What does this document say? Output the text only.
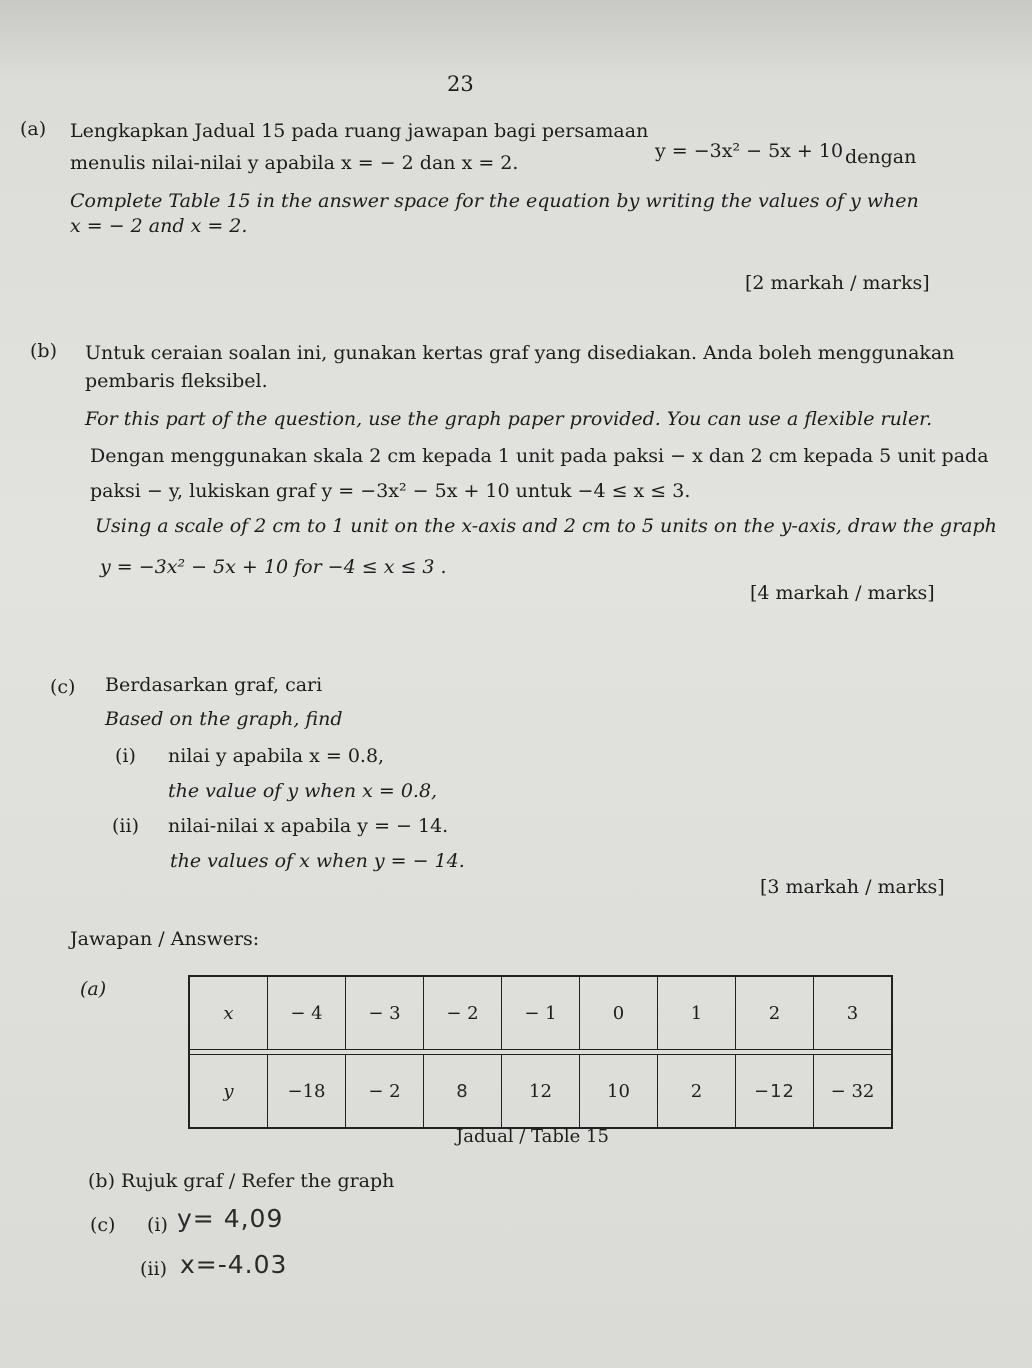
23
(a) Lengkapkan Jadual 15 pada ruang jawapan bagi persamaan
y = −3x² − 5x + 10 dengan
menulis nilai-nilai y apabila x = − 2 dan x = 2.
Complete Table 15 in the answer space for the equation by writing the values of y when
x = − 2 and x = 2.
[2 markah / marks]
(b) Untuk ceraian soalan ini, gunakan kertas graf yang disediakan. Anda boleh menggunakan
pembaris fleksibel.
For this part of the question, use the graph paper provided. You can use a flexible ruler.
Dengan menggunakan skala 2 cm kepada 1 unit pada paksi − x dan 2 cm kepada 5 unit pada
paksi − y, lukiskan graf y = −3x² − 5x + 10 untuk −4 ≤ x ≤ 3.
Using a scale of 2 cm to 1 unit on the x-axis and 2 cm to 5 units on the y-axis, draw the graph
y = −3x² − 5x + 10 for −4 ≤ x ≤ 3 .
[4 markah / marks]
(c) Berdasarkan graf, cari
Based on the graph, find
(i) nilai y apabila x = 0.8,
the value of y when x = 0.8,
(ii) nilai-nilai x apabila y = − 14.
the values of x when y = − 14.
[3 markah / marks]
Jawapan / Answers:
(a)
x	− 4	− 3	− 2	− 1	0	1	2	3

y	−18	− 2	8	12	10	2	−12	− 32
Jadual / Table 15
(b) Rujuk graf / Refer the graph
(c) (i) y= 4,09
(ii) x=-4.03
